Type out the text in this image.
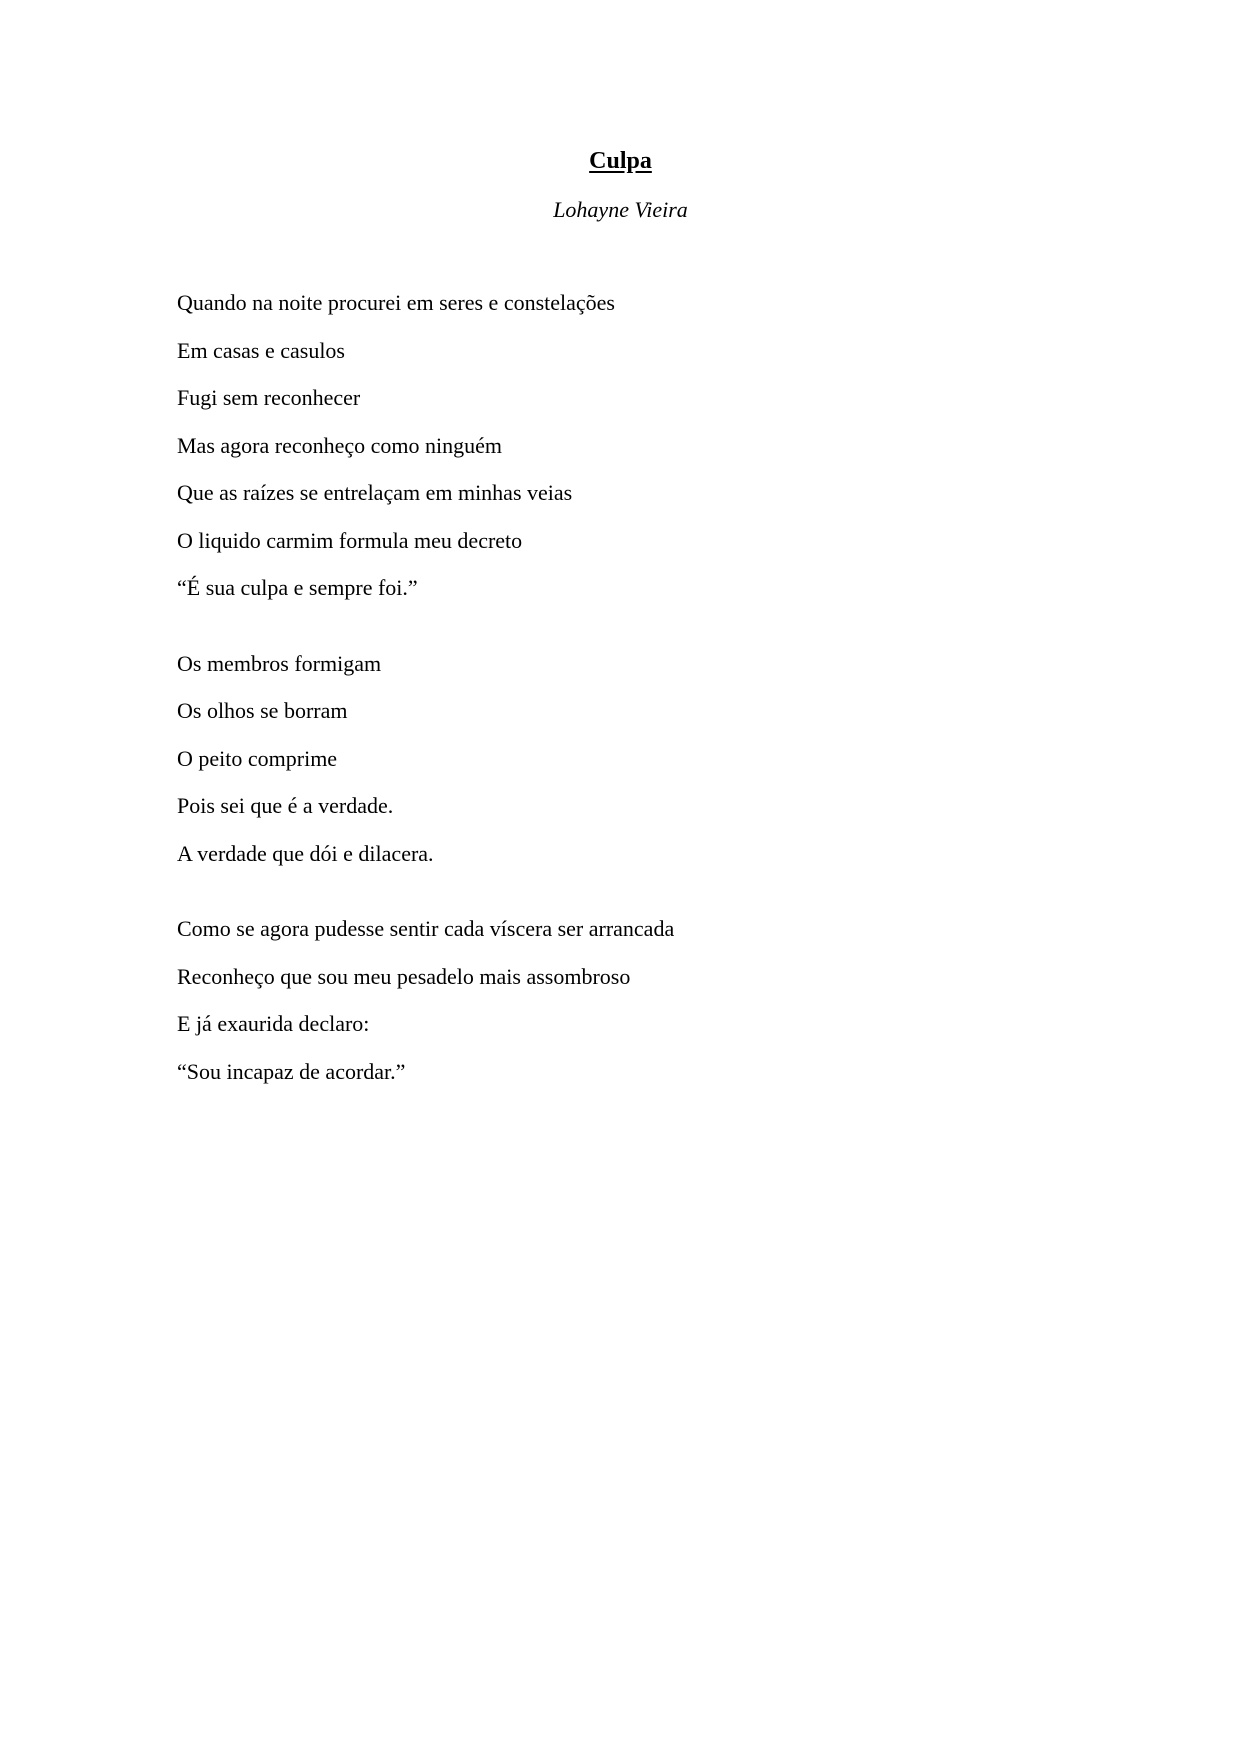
Culpa

Lohayne Vieira

Quando na noite procurei em seres e constelações
Em casas e casulos
Fugi sem reconhecer
Mas agora reconheço como ninguém
Que as raízes se entrelaçam em minhas veias
O liquido carmim formula meu decreto
“É sua culpa e sempre foi.”
Os membros formigam
Os olhos se borram
O peito comprime
Pois sei que é a verdade.
A verdade que dói e dilacera.
Como se agora pudesse sentir cada víscera ser arrancada
Reconheço que sou meu pesadelo mais assombroso
E já exaurida declaro:
“Sou incapaz de acordar.”
